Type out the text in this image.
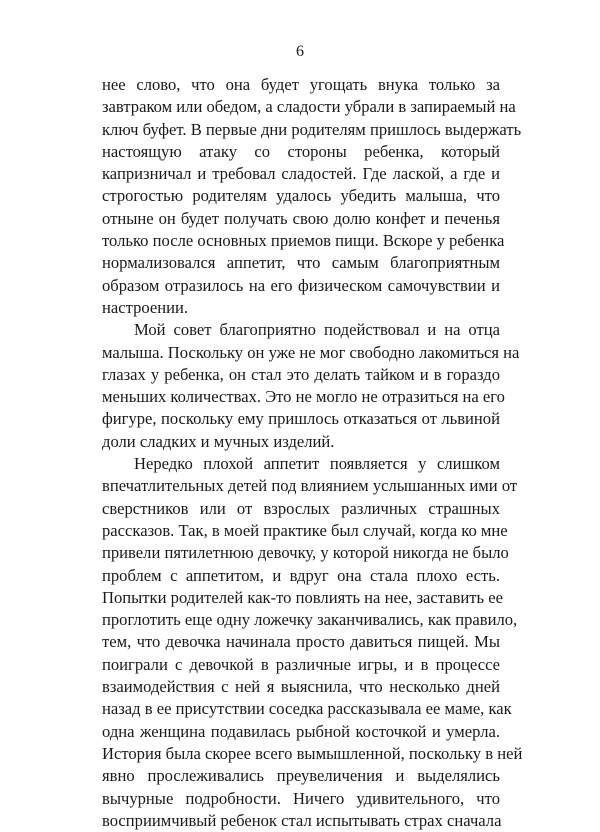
6
нее слово, что она будет угощать внука только за
завтраком или обедом, а сладости убрали в запираемый на
ключ буфет. В первые дни родителям пришлось выдержать
настоящую атаку со стороны ребенка, который
капризничал и требовал сладостей. Где лаской, а где и
строгостью родителям удалось убедить малыша, что
отныне он будет получать свою долю конфет и печенья
только после основных приемов пищи. Вскоре у ребенка
нормализовался аппетит, что самым благоприятным
образом отразилось на его физическом самочувствии и
настроении.
Мой совет благоприятно подействовал и на отца
малыша. Поскольку он уже не мог свободно лакомиться на
глазах у ребенка, он стал это делать тайком и в гораздо
меньших количествах. Это не могло не отразиться на его
фигуре, поскольку ему пришлось отказаться от львиной
доли сладких и мучных изделий.
Нередко плохой аппетит появляется у слишком
впечатлительных детей под влиянием услышанных ими от
сверстников или от взрослых различных страшных
рассказов. Так, в моей практике был случай, когда ко мне
привели пятилетнюю девочку, у которой никогда не было
проблем с аппетитом, и вдруг она стала плохо есть.
Попытки родителей как-то повлиять на нее, заставить ее
проглотить еще одну ложечку заканчивались, как правило,
тем, что девочка начинала просто давиться пищей. Мы
поиграли с девочкой в различные игры, и в процессе
взаимодействия с ней я выяснила, что несколько дней
назад в ее присутствии соседка рассказывала ее маме, как
одна женщина подавилась рыбной косточкой и умерла.
История была скорее всего вымышленной, поскольку в ней
явно прослеживались преувеличения и выделялись
вычурные подробности. Ничего удивительного, что
восприимчивый ребенок стал испытывать страх сначала
